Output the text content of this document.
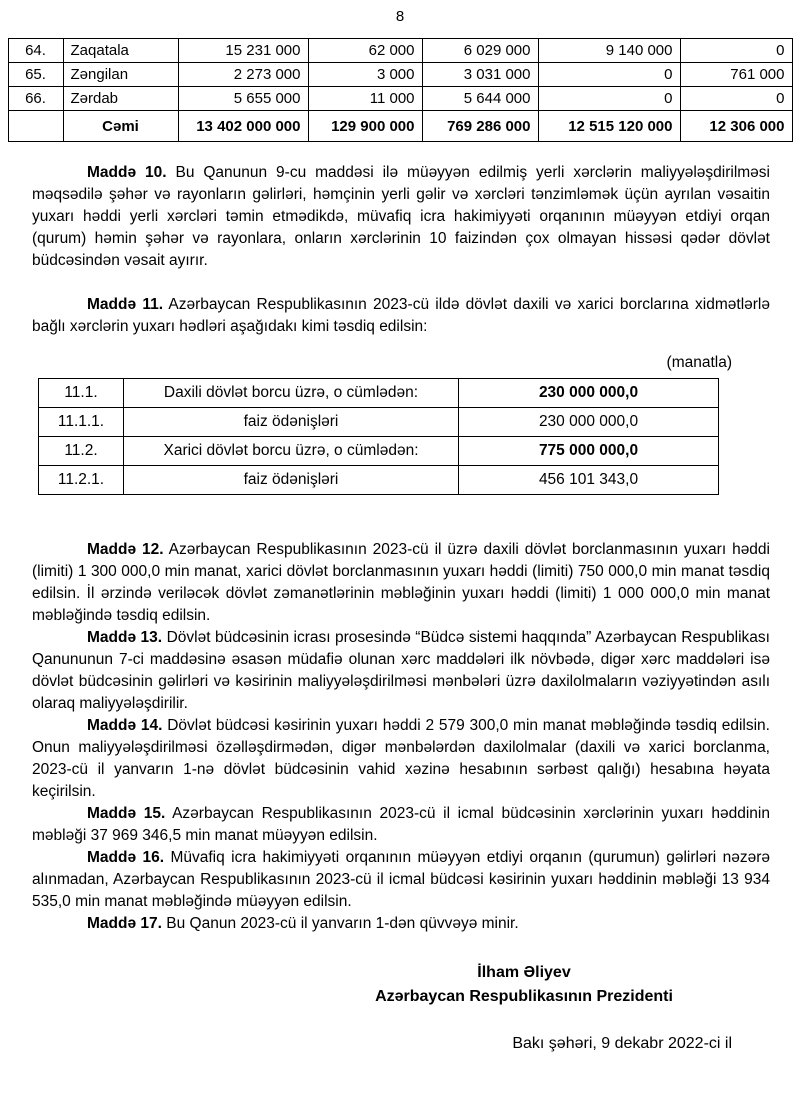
8
64.	Zaqatala	15 231 000	62 000	6 029 000	9 140 000	0
65.	Zəngilan	2 273 000	3 000	3 031 000	0	761 000
66.	Zərdab	5 655 000	11 000	5 644 000	0	0
	Cəmi	13 402 000 000	129 900 000	769 286 000	12 515 120 000	12 306 000

Maddə 10. Bu Qanunun 9-cu maddəsi ilə müəyyən edilmiş yerli xərclərin maliyyələşdirilməsi məqsədilə şəhər və rayonların gəlirləri, həmçinin yerli gəlir və xərcləri tənzimləmək üçün ayrılan vəsaitin yuxarı həddi yerli xərcləri təmin etmədikdə, müvafiq icra hakimiyyəti orqanının müəyyən etdiyi orqan (qurum) həmin şəhər və rayonlara, onların xərclərinin 10 faizindən çox olmayan hissəsi qədər dövlət büdcəsindən vəsait ayırır.

Maddə 11. Azərbaycan Respublikasının 2023-cü ildə dövlət daxili və xarici borclarına xidmətlərlə bağlı xərclərin yuxarı hədləri aşağıdakı kimi təsdiq edilsin:

(manatla)
11.1.	Daxili dövlət borcu üzrə, o cümlədən:	230 000 000,0
11.1.1.	faiz ödənişləri	230 000 000,0
11.2.	Xarici dövlət borcu üzrə, o cümlədən:	775 000 000,0
11.2.1.	faiz ödənişləri	456 101 343,0

Maddə 12. Azərbaycan Respublikasının 2023-cü il üzrə daxili dövlət borclanmasının yuxarı həddi (limiti) 1 300 000,0 min manat, xarici dövlət borclanmasının yuxarı həddi (limiti) 750 000,0 min manat təsdiq edilsin. İl ərzində veriləcək dövlət zəmanətlərinin məbləğinin yuxarı həddi (limiti) 1 000 000,0 min manat məbləğində təsdiq edilsin.

Maddə 13. Dövlət büdcəsinin icrası prosesində “Büdcə sistemi haqqında” Azərbaycan Respublikası Qanununun 7-ci maddəsinə əsasən müdafiə olunan xərc maddələri ilk növbədə, digər xərc maddələri isə dövlət büdcəsinin gəlirləri və kəsirinin maliyyələşdirilməsi mənbələri üzrə daxilolmaların vəziyyətindən asılı olaraq maliyyələşdirilir.

Maddə 14. Dövlət büdcəsi kəsirinin yuxarı həddi 2 579 300,0 min manat məbləğində təsdiq edilsin. Onun maliyyələşdirilməsi özəlləşdirmədən, digər mənbələrdən daxilolmalar (daxili və xarici borclanma, 2023-cü il yanvarın 1-nə dövlət büdcəsinin vahid xəzinə hesabının sərbəst qalığı) hesabına həyata keçirilsin.

Maddə 15. Azərbaycan Respublikasının 2023-cü il icmal büdcəsinin xərclərinin yuxarı həddinin məbləği 37 969 346,5 min manat müəyyən edilsin.

Maddə 16. Müvafiq icra hakimiyyəti orqanının müəyyən etdiyi orqanın (qurumun) gəlirləri nəzərə alınmadan, Azərbaycan Respublikasının 2023-cü il icmal büdcəsi kəsirinin yuxarı həddinin məbləği 13 934 535,0 min manat məbləğində müəyyən edilsin.

Maddə 17. Bu Qanun 2023-cü il yanvarın 1-dən qüvvəyə minir.

İlham Əliyev
Azərbaycan Respublikasının Prezidenti
Bakı şəhəri, 9 dekabr 2022-ci il
